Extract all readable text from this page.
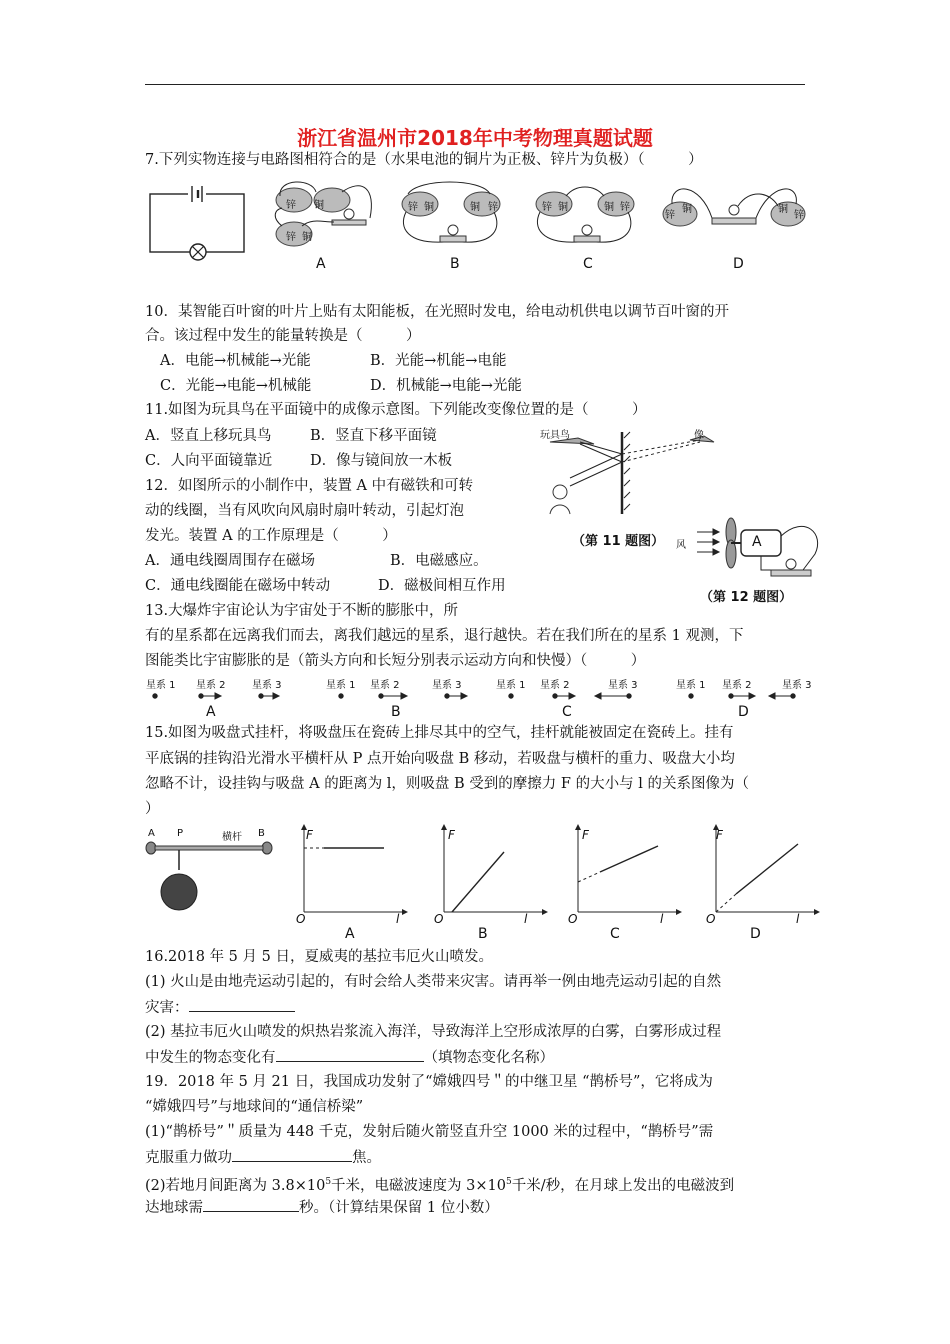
浙江省温州市2018年中考物理真题试题
7.下列实物连接与电路图相符合的是（水果电池的铜片为正极、锌片为负极）（　　　）
锌 铜
锌 铜
A
锌 铜	铜 锌
B
锌 铜	铜 锌
C
锌
铜	铜
锌
D
10．某智能百叶窗的叶片上贴有太阳能板，在光照时发电，给电动机供电以调节百叶窗的开
合。该过程中发生的能量转换是（　　　）
A．电能→机械能→光能	B．光能→机能→电能
C．光能→电能→机械能	D．机械能→电能→光能
11.如图为玩具鸟在平面镜中的成像示意图。下列能改变像位置的是（　　　）
A．竖直上移玩具鸟	B．竖直下移平面镜
C．人向平面镜靠近	D．像与镜间放一木板
玩具鸟	像
（第 11 题图）
12．如图所示的小制作中，装置 A 中有磁铁和可转
动的线圈，当有风吹向风扇时扇叶转动，引起灯泡
发光。装置 A 的工作原理是（　　　）
A．通电线圈周围存在磁场	B．电磁感应。
C．通电线圈能在磁场中转动	D．磁极间相互作用
风	A
（第 12 题图）
13.大爆炸宇宙论认为宇宙处于不断的膨胀中，所
有的星系都在远离我们而去，离我们越远的星系，退行越快。若在我们所在的星系 1 观测，下
图能类比宇宙膨胀的是（箭头方向和长短分别表示运动方向和快慢）（　　　）
星系 1 星系 2	星系 3	星系 1 星系 2	星系 3	星系 1 星系 2	星系 3	星系 1 星系 2	星系 3
A	B	C	D
15.如图为吸盘式挂杆，将吸盘压在瓷砖上排尽其中的空气，挂杆就能被固定在瓷砖上。挂有
平底锅的挂钩沿光滑水平横杆从 P 点开始向吸盘 B 移动，若吸盘与横杆的重力、吸盘大小均
忽略不计，设挂钩与吸盘 A 的距离为 l，则吸盘 B 受到的摩擦力 F 的大小与 l 的关系图像为（
）
A P	横杆 B	F
l
O
A
F
l
O
B
F
l
O
C
F
l
O
D
16.2018 年 5 月 5 日，夏威夷的基拉韦厄火山喷发。
(1) 火山是由地壳运动引起的，有时会给人类带来灾害。请再举一例由地壳运动引起的自然
灾害：
(2) 基拉韦厄火山喷发的炽热岩浆流入海洋，导致海洋上空形成浓厚的白雾，白雾形成过程
中发生的物态变化有	（填物态变化名称）
19．2018 年 5 月 21 日，我国成功发射了“嫦娥四号＂的中继卫星 “鹊桥号”，它将成为
“嫦娥四号”与地球间的“通信桥梁”
(1)“鹊桥号”＂质量为 448 千克，发射后随火箭竖直升空 1000 米的过程中，“鹊桥号”需
克服重力做功	焦。
(2)若地月间距离为 $3.8\times 10^5$千米，电磁波速度为 $3\times 10^5$千米/秒，在月球上发出的电磁波到
达地球需	秒。（计算结果保留 1 位小数）
